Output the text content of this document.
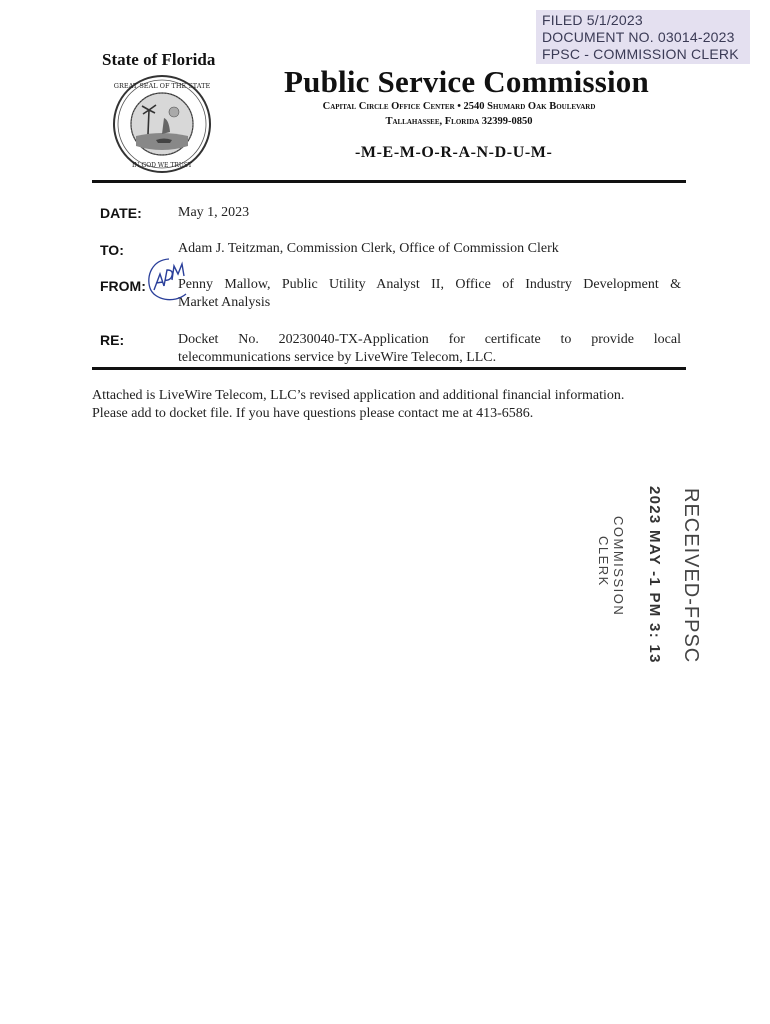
FILED 5/1/2023
DOCUMENT NO. 03014-2023
FPSC - COMMISSION CLERK
State of Florida
GREAT SEAL OF THE STATE
IN GOD WE TRUST
Public Service Commission
Capital Circle Office Center • 2540 Shumard Oak Boulevard
Tallahassee, Florida 32399-0850
-M-E-M-O-R-A-N-D-U-M-
DATE:	May 1, 2023
TO:	Adam J. Teitzman, Commission Clerk, Office of Commission Clerk
FROM: Penny Mallow, Public Utility Analyst II, Office of Industry Development &
Market Analysis
RE:	Docket No. 20230040-TX-Application for certificate to provide local
telecommunications service by LiveWire Telecom, LLC.
Attached is LiveWire Telecom, LLC’s revised application and additional financial information.
Please add to docket file. If you have questions please contact me at 413-6586.
RECEIVED-FPSC
2023 MAY -1 PM 3: 13
COMMISSION
CLERK
